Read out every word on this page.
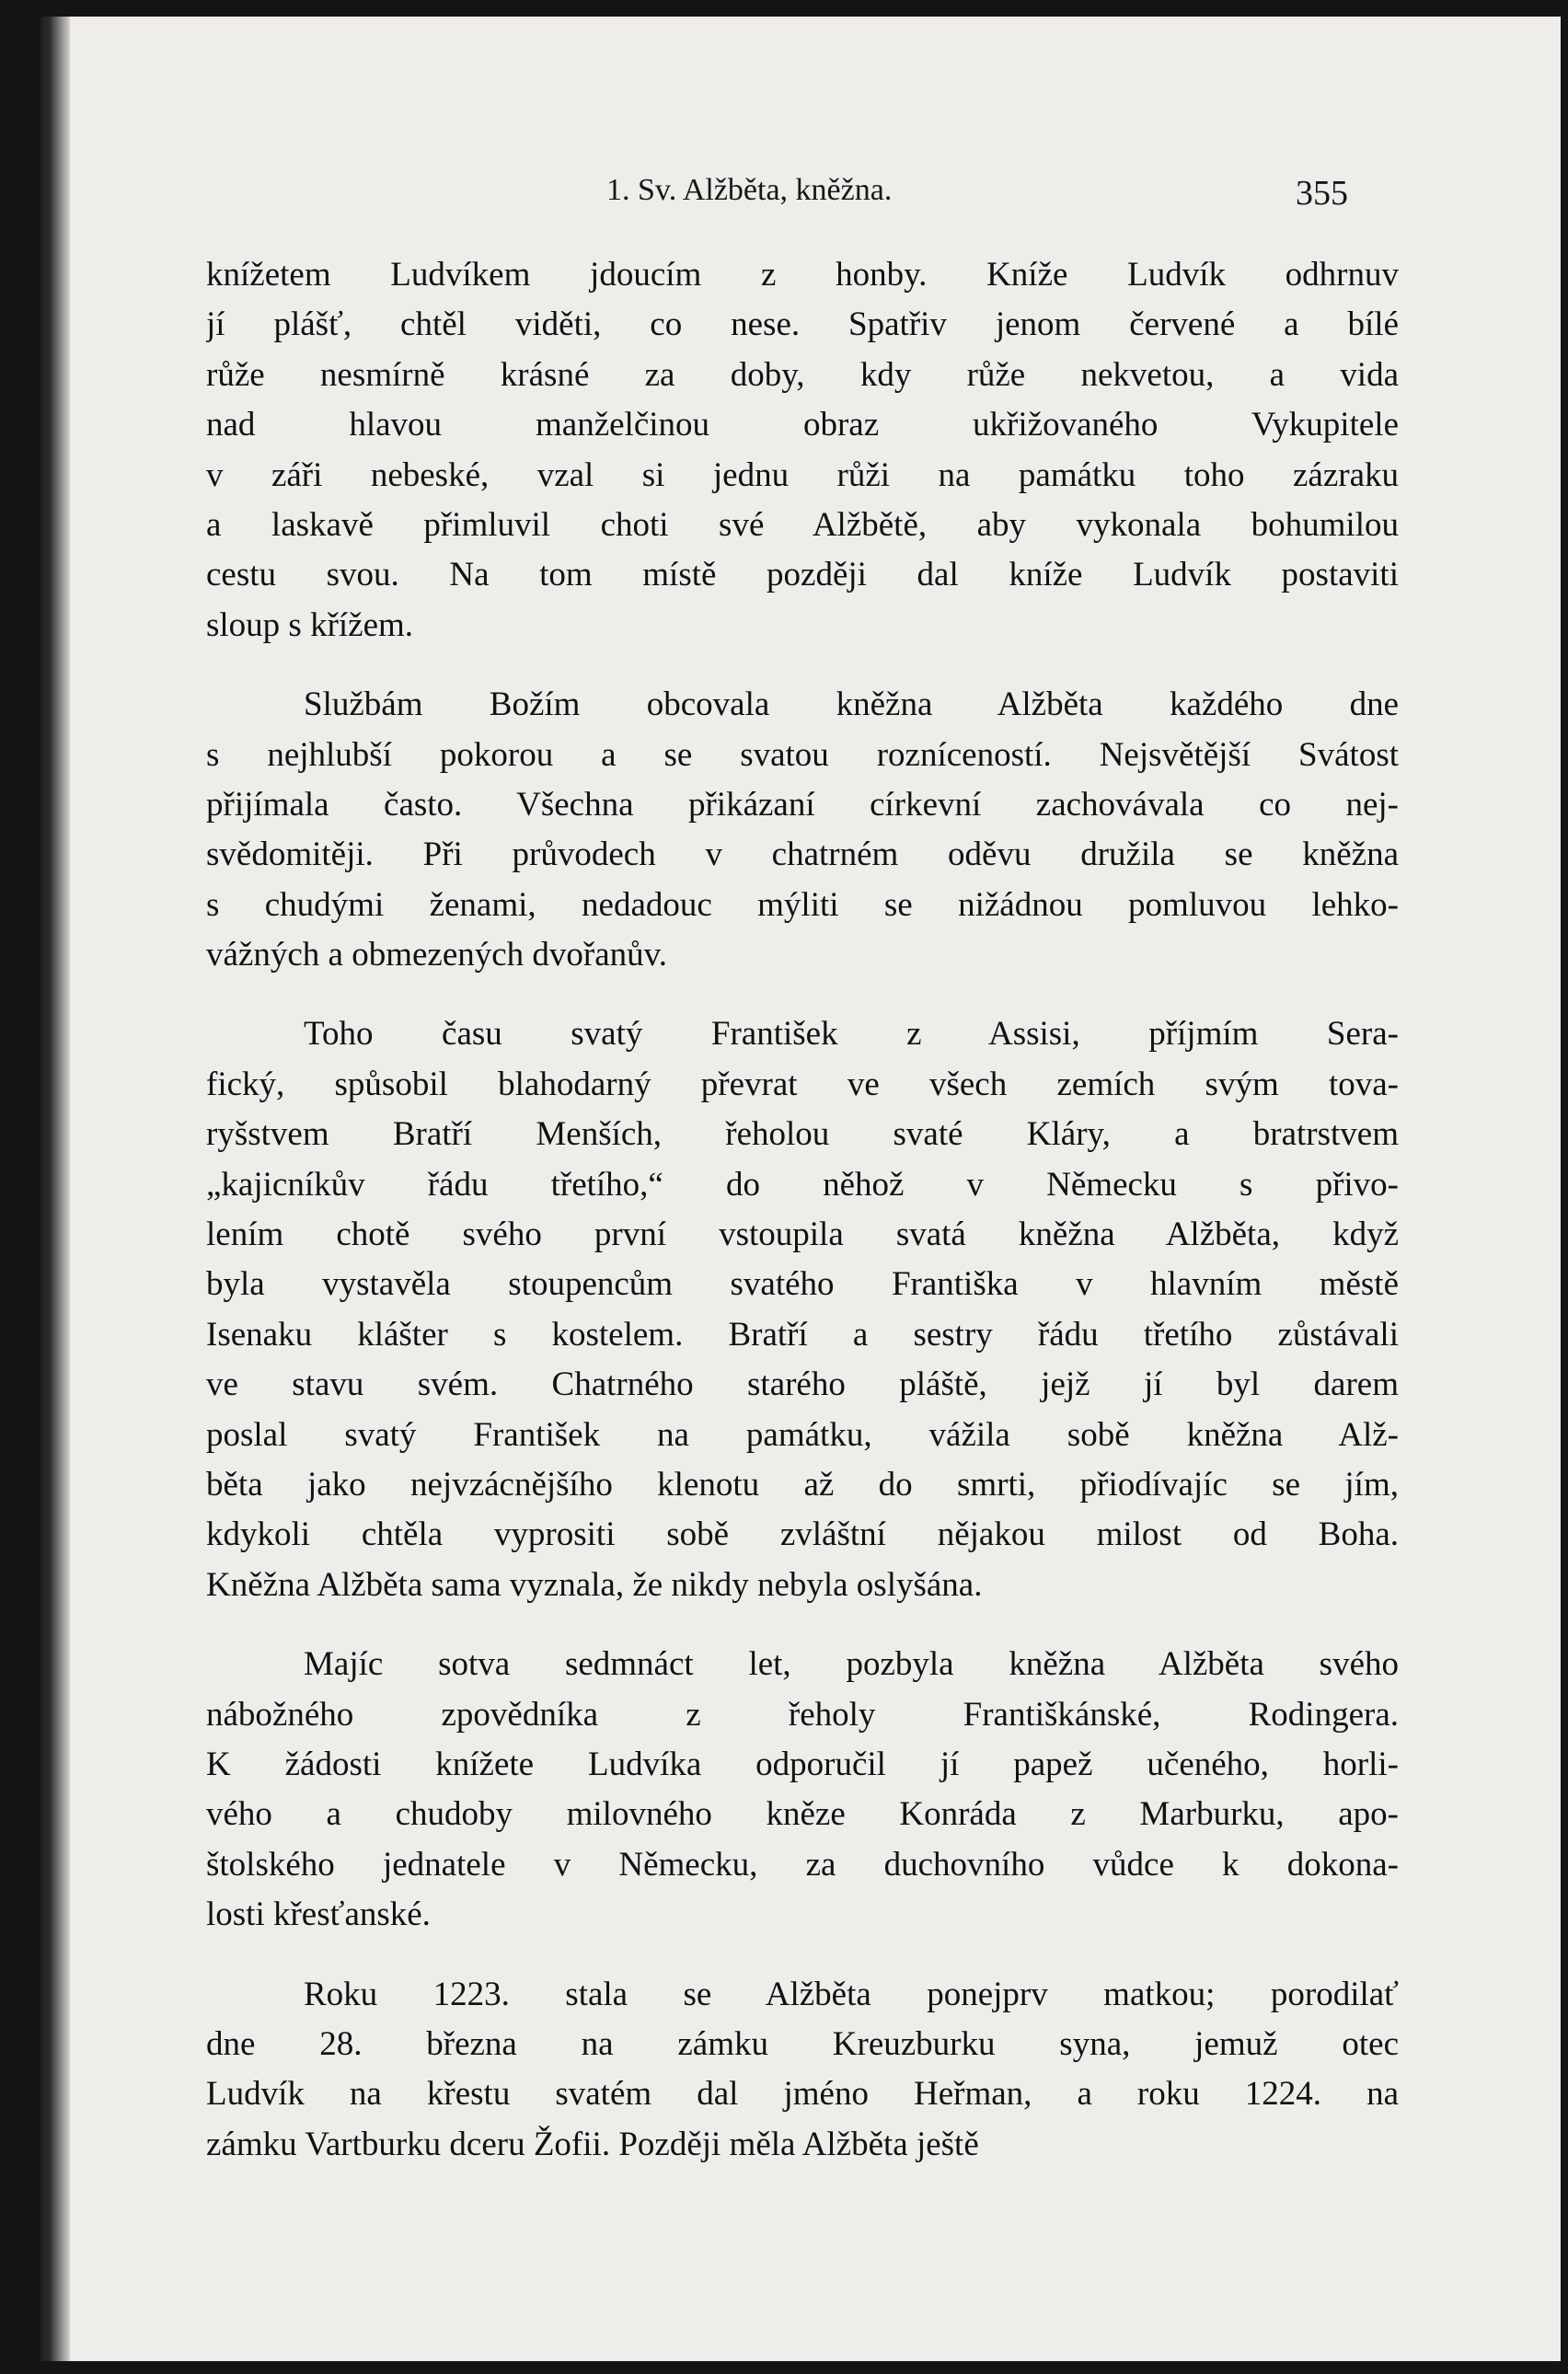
1. Sv. Alžběta, kněžna.	355
knížetem Ludvíkem jdoucím z honby. Kníže Ludvík odhrnuv
jí plášť, chtěl viděti, co nese. Spatřiv jenom červené a bílé
růže nesmírně krásné za doby, kdy růže nekvetou, a vida
nad hlavou manželčinou obraz ukřižovaného Vykupitele
v záři nebeské, vzal si jednu růži na památku toho zázraku
a laskavě přimluvil choti své Alžbětě, aby vykonala bohumilou
cestu svou. Na tom místě později dal kníže Ludvík postaviti
sloup s křížem.
Službám Božím obcovala kněžna Alžběta každého dne
s nejhlubší pokorou a se svatou rozníceností. Nejsvětější Svátost
přijímala často. Všechna přikázaní církevní zachovávala co nej-
svědomitěji. Při průvodech v chatrném oděvu družila se kněžna
s chudými ženami, nedadouc mýliti se nižádnou pomluvou lehko-
vážných a obmezených dvořanův.
Toho času svatý František z Assisi, příjmím Sera-
fický, spůsobil blahodarný převrat ve všech zemích svým tova-
ryšstvem Bratří Menších, řeholou svaté Kláry, a bratrstvem
„kajicníkův řádu třetího,“ do něhož v Německu s přivo-
lením chotě svého první vstoupila svatá kněžna Alžběta, když
byla vystavěla stoupencům svatého Františka v hlavním městě
Isenaku klášter s kostelem. Bratří a sestry řádu třetího zůstávali
ve stavu svém. Chatrného starého pláště, jejž jí byl darem
poslal svatý František na památku, vážila sobě kněžna Alž-
běta jako nejvzácnějšího klenotu až do smrti, přiodívajíc se jím,
kdykoli chtěla vyprositi sobě zvláštní nějakou milost od Boha.
Kněžna Alžběta sama vyznala, že nikdy nebyla oslyšána.
Majíc sotva sedmnáct let, pozbyla kněžna Alžběta svého
nábožného zpovědníka z řeholy Františkánské, Rodingera.
K žádosti knížete Ludvíka odporučil jí papež učeného, horli-
vého a chudoby milovného kněze Konráda z Marburku, apo-
štolského jednatele v Německu, za duchovního vůdce k dokona-
losti křesťanské.
Roku 1223. stala se Alžběta ponejprv matkou; porodilať
dne 28. března na zámku Kreuzburku syna, jemuž otec
Ludvík na křestu svatém dal jméno Heřman, a roku 1224. na
zámku Vartburku dceru Žofii. Později měla Alžběta ještě
